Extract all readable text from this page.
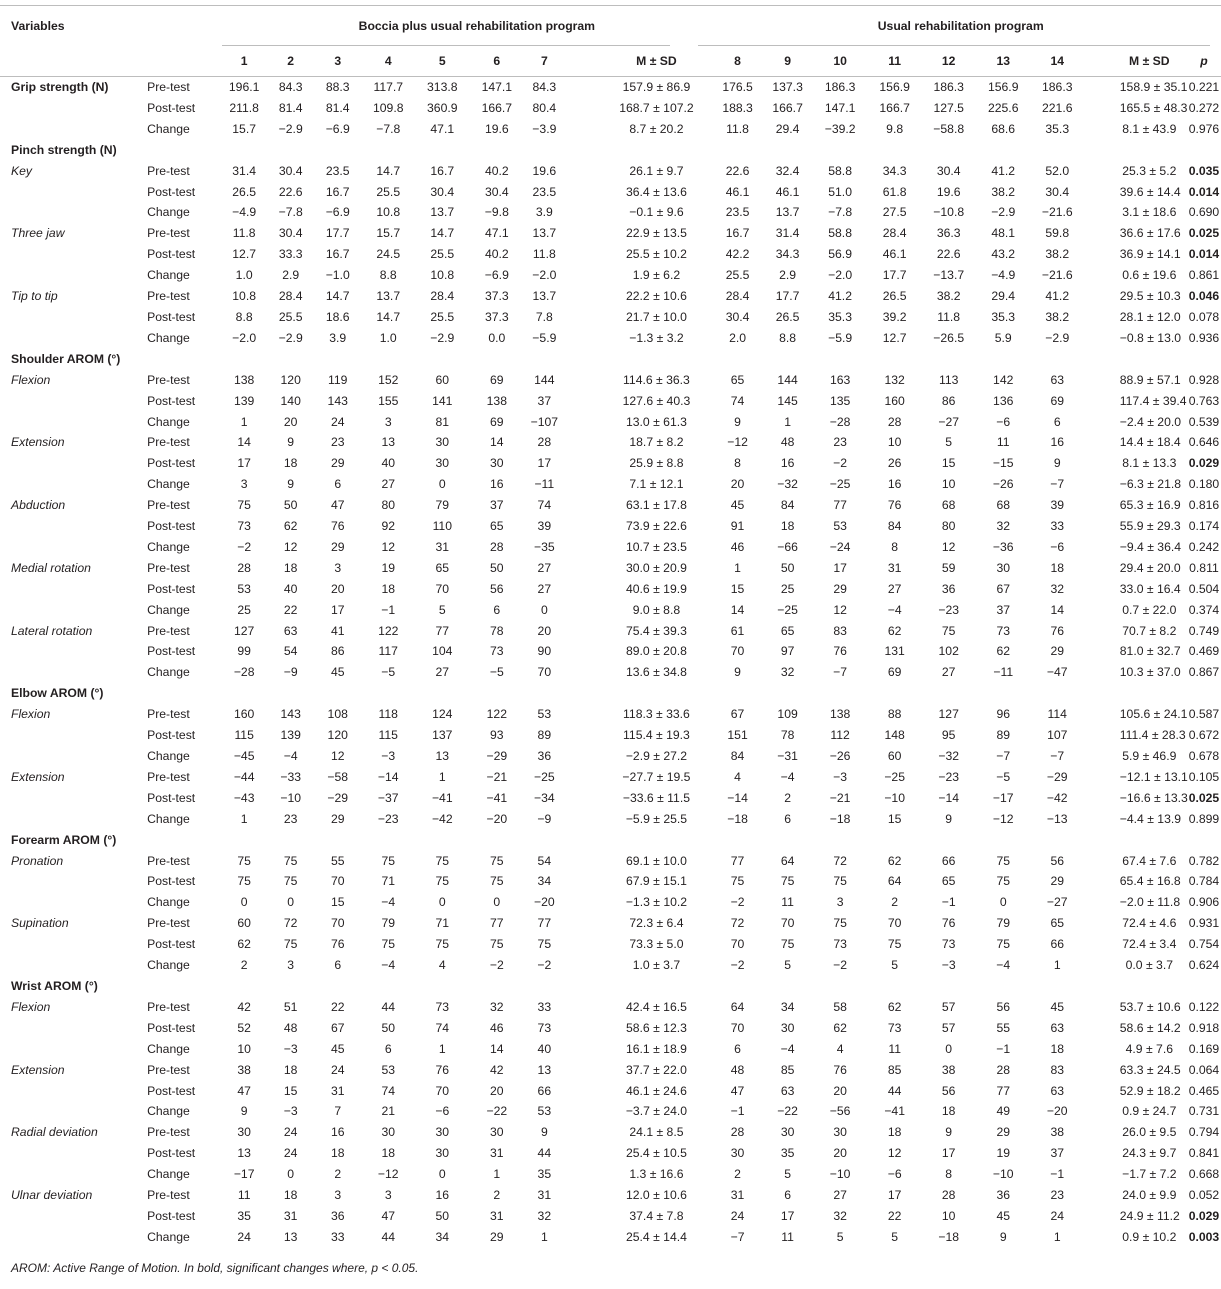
Variables		Boccia plus usual rehabilitation program								Usual rehabilitation program								
		1	2	3	4	5	6	7	M ± SD	8	9	10	11	12	13	14	M ± SD	p
Grip strength (N)	Pre-test	196.1	84.3	88.3	117.7	313.8	147.1	84.3	157.9 ± 86.9	176.5	137.3	186.3	156.9	186.3	156.9	186.3	158.9 ± 35.1	0.221
	Post-test	211.8	81.4	81.4	109.8	360.9	166.7	80.4	168.7 ± 107.2	188.3	166.7	147.1	166.7	127.5	225.6	221.6	165.5 ± 48.3	0.272
	Change	15.7	−2.9	−6.9	−7.8	47.1	19.6	−3.9	8.7 ± 20.2	11.8	29.4	−39.2	9.8	−58.8	68.6	35.3	8.1 ± 43.9	0.976
Pinch strength (N)																		
Key	Pre-test	31.4	30.4	23.5	14.7	16.7	40.2	19.6	26.1 ± 9.7	22.6	32.4	58.8	34.3	30.4	41.2	52.0	25.3 ± 5.2	0.035
	Post-test	26.5	22.6	16.7	25.5	30.4	30.4	23.5	36.4 ± 13.6	46.1	46.1	51.0	61.8	19.6	38.2	30.4	39.6 ± 14.4	0.014
	Change	−4.9	−7.8	−6.9	10.8	13.7	−9.8	3.9	−0.1 ± 9.6	23.5	13.7	−7.8	27.5	−10.8	−2.9	−21.6	3.1 ± 18.6	0.690
Three jaw	Pre-test	11.8	30.4	17.7	15.7	14.7	47.1	13.7	22.9 ± 13.5	16.7	31.4	58.8	28.4	36.3	48.1	59.8	36.6 ± 17.6	0.025
	Post-test	12.7	33.3	16.7	24.5	25.5	40.2	11.8	25.5 ± 10.2	42.2	34.3	56.9	46.1	22.6	43.2	38.2	36.9 ± 14.1	0.014
	Change	1.0	2.9	−1.0	8.8	10.8	−6.9	−2.0	1.9 ± 6.2	25.5	2.9	−2.0	17.7	−13.7	−4.9	−21.6	0.6 ± 19.6	0.861
Tip to tip	Pre-test	10.8	28.4	14.7	13.7	28.4	37.3	13.7	22.2 ± 10.6	28.4	17.7	41.2	26.5	38.2	29.4	41.2	29.5 ± 10.3	0.046
	Post-test	8.8	25.5	18.6	14.7	25.5	37.3	7.8	21.7 ± 10.0	30.4	26.5	35.3	39.2	11.8	35.3	38.2	28.1 ± 12.0	0.078
	Change	−2.0	−2.9	3.9	1.0	−2.9	0.0	−5.9	−1.3 ± 3.2	2.0	8.8	−5.9	12.7	−26.5	5.9	−2.9	−0.8 ± 13.0	0.936
Shoulder AROM (°)																		
Flexion	Pre-test	138	120	119	152	60	69	144	114.6 ± 36.3	65	144	163	132	113	142	63	88.9 ± 57.1	0.928
	Post-test	139	140	143	155	141	138	37	127.6 ± 40.3	74	145	135	160	86	136	69	117.4 ± 39.4	0.763
	Change	1	20	24	3	81	69	−107	13.0 ± 61.3	9	1	−28	28	−27	−6	6	−2.4 ± 20.0	0.539
Extension	Pre-test	14	9	23	13	30	14	28	18.7 ± 8.2	−12	48	23	10	5	11	16	14.4 ± 18.4	0.646
	Post-test	17	18	29	40	30	30	17	25.9 ± 8.8	8	16	−2	26	15	−15	9	8.1 ± 13.3	0.029
	Change	3	9	6	27	0	16	−11	7.1 ± 12.1	20	−32	−25	16	10	−26	−7	−6.3 ± 21.8	0.180
Abduction	Pre-test	75	50	47	80	79	37	74	63.1 ± 17.8	45	84	77	76	68	68	39	65.3 ± 16.9	0.816
	Post-test	73	62	76	92	110	65	39	73.9 ± 22.6	91	18	53	84	80	32	33	55.9 ± 29.3	0.174
	Change	−2	12	29	12	31	28	−35	10.7 ± 23.5	46	−66	−24	8	12	−36	−6	−9.4 ± 36.4	0.242
Medial rotation	Pre-test	28	18	3	19	65	50	27	30.0 ± 20.9	1	50	17	31	59	30	18	29.4 ± 20.0	0.811
	Post-test	53	40	20	18	70	56	27	40.6 ± 19.9	15	25	29	27	36	67	32	33.0 ± 16.4	0.504
	Change	25	22	17	−1	5	6	0	9.0 ± 8.8	14	−25	12	−4	−23	37	14	0.7 ± 22.0	0.374
Lateral rotation	Pre-test	127	63	41	122	77	78	20	75.4 ± 39.3	61	65	83	62	75	73	76	70.7 ± 8.2	0.749
	Post-test	99	54	86	117	104	73	90	89.0 ± 20.8	70	97	76	131	102	62	29	81.0 ± 32.7	0.469
	Change	−28	−9	45	−5	27	−5	70	13.6 ± 34.8	9	32	−7	69	27	−11	−47	10.3 ± 37.0	0.867
Elbow AROM (°)																		
Flexion	Pre-test	160	143	108	118	124	122	53	118.3 ± 33.6	67	109	138	88	127	96	114	105.6 ± 24.1	0.587
	Post-test	115	139	120	115	137	93	89	115.4 ± 19.3	151	78	112	148	95	89	107	111.4 ± 28.3	0.672
	Change	−45	−4	12	−3	13	−29	36	−2.9 ± 27.2	84	−31	−26	60	−32	−7	−7	5.9 ± 46.9	0.678
Extension	Pre-test	−44	−33	−58	−14	1	−21	−25	−27.7 ± 19.5	4	−4	−3	−25	−23	−5	−29	−12.1 ± 13.1	0.105
	Post-test	−43	−10	−29	−37	−41	−41	−34	−33.6 ± 11.5	−14	2	−21	−10	−14	−17	−42	−16.6 ± 13.3	0.025
	Change	1	23	29	−23	−42	−20	−9	−5.9 ± 25.5	−18	6	−18	15	9	−12	−13	−4.4 ± 13.9	0.899
Forearm AROM (°)																		
Pronation	Pre-test	75	75	55	75	75	75	54	69.1 ± 10.0	77	64	72	62	66	75	56	67.4 ± 7.6	0.782
	Post-test	75	75	70	71	75	75	34	67.9 ± 15.1	75	75	75	64	65	75	29	65.4 ± 16.8	0.784
	Change	0	0	15	−4	0	0	−20	−1.3 ± 10.2	−2	11	3	2	−1	0	−27	−2.0 ± 11.8	0.906
Supination	Pre-test	60	72	70	79	71	77	77	72.3 ± 6.4	72	70	75	70	76	79	65	72.4 ± 4.6	0.931
	Post-test	62	75	76	75	75	75	75	73.3 ± 5.0	70	75	73	75	73	75	66	72.4 ± 3.4	0.754
	Change	2	3	6	−4	4	−2	−2	1.0 ± 3.7	−2	5	−2	5	−3	−4	1	0.0 ± 3.7	0.624
Wrist AROM (°)																		
Flexion	Pre-test	42	51	22	44	73	32	33	42.4 ± 16.5	64	34	58	62	57	56	45	53.7 ± 10.6	0.122
	Post-test	52	48	67	50	74	46	73	58.6 ± 12.3	70	30	62	73	57	55	63	58.6 ± 14.2	0.918
	Change	10	−3	45	6	1	14	40	16.1 ± 18.9	6	−4	4	11	0	−1	18	4.9 ± 7.6	0.169
Extension	Pre-test	38	18	24	53	76	42	13	37.7 ± 22.0	48	85	76	85	38	28	83	63.3 ± 24.5	0.064
	Post-test	47	15	31	74	70	20	66	46.1 ± 24.6	47	63	20	44	56	77	63	52.9 ± 18.2	0.465
	Change	9	−3	7	21	−6	−22	53	−3.7 ± 24.0	−1	−22	−56	−41	18	49	−20	0.9 ± 24.7	0.731
Radial deviation	Pre-test	30	24	16	30	30	30	9	24.1 ± 8.5	28	30	30	18	9	29	38	26.0 ± 9.5	0.794
	Post-test	13	24	18	18	30	31	44	25.4 ± 10.5	30	35	20	12	17	19	37	24.3 ± 9.7	0.841
	Change	−17	0	2	−12	0	1	35	1.3 ± 16.6	2	5	−10	−6	8	−10	−1	−1.7 ± 7.2	0.668
Ulnar deviation	Pre-test	11	18	3	3	16	2	31	12.0 ± 10.6	31	6	27	17	28	36	23	24.0 ± 9.9	0.052
	Post-test	35	31	36	47	50	31	32	37.4 ± 7.8	24	17	32	22	10	45	24	24.9 ± 11.2	0.029
	Change	24	13	33	44	34	29	1	25.4 ± 14.4	−7	11	5	5	−18	9	1	0.9 ± 10.2	0.003
AROM: Active Range of Motion. In bold, significant changes where, p < 0.05.
